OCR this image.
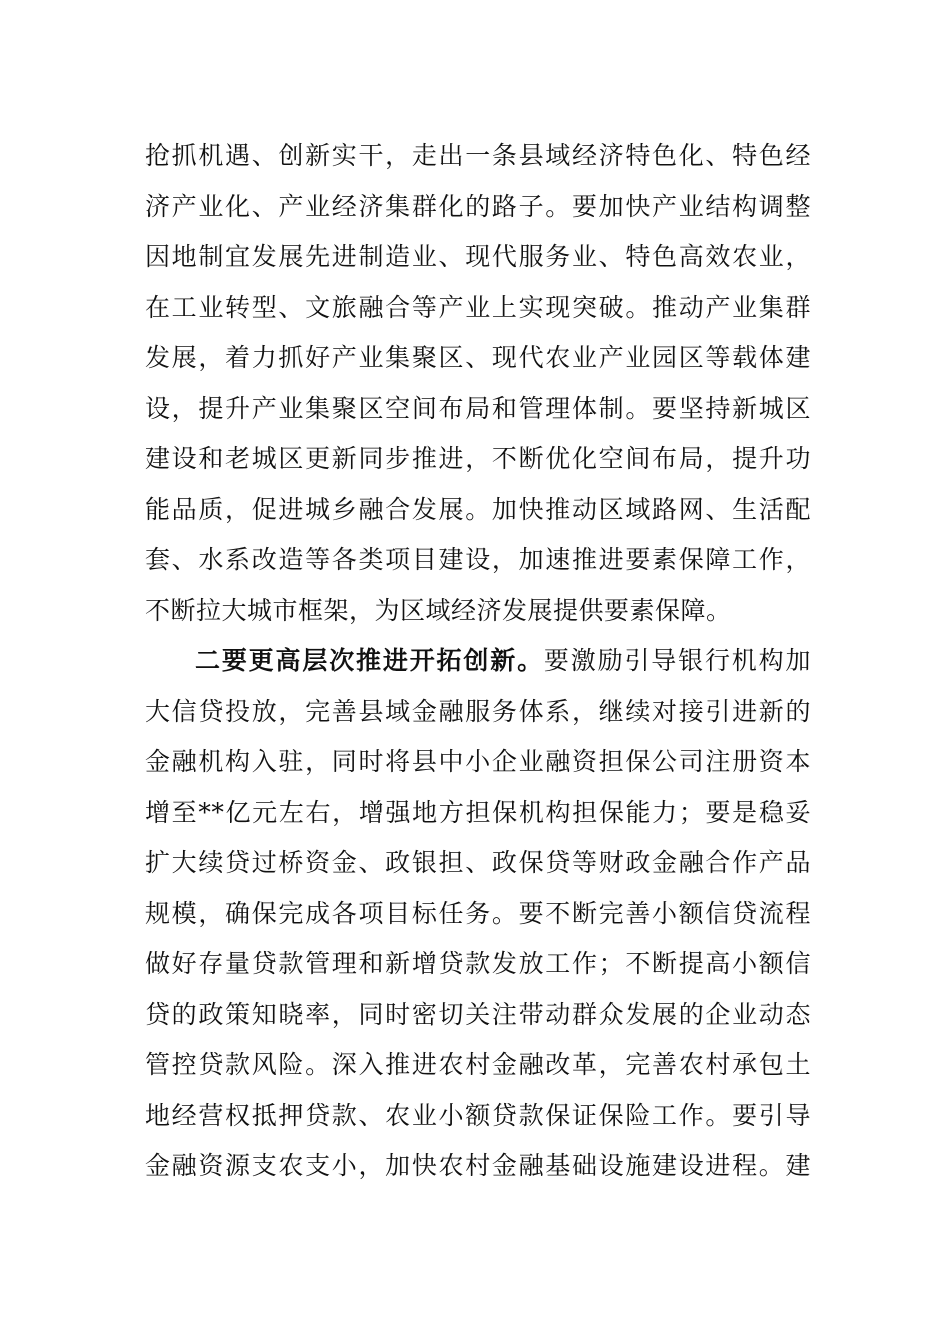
抢抓机遇、创新实干，走出一条县域经济特色化、特色经
济产业化、产业经济集群化的路子。要加快产业结构调整
因地制宜发展先进制造业、现代服务业、特色高效农业，
在工业转型、文旅融合等产业上实现突破。推动产业集群
发展，着力抓好产业集聚区、现代农业产业园区等载体建
设，提升产业集聚区空间布局和管理体制。要坚持新城区
建设和老城区更新同步推进，不断优化空间布局，提升功
能品质，促进城乡融合发展。加快推动区域路网、生活配
套、水系改造等各类项目建设，加速推进要素保障工作，
不断拉大城市框架，为区域经济发展提供要素保障。
二要更高层次推进开拓创新。要激励引导银行机构加
大信贷投放，完善县域金融服务体系，继续对接引进新的
金融机构入驻，同时将县中小企业融资担保公司注册资本
增至**亿元左右，增强地方担保机构担保能力；要是稳妥
扩大续贷过桥资金、政银担、政保贷等财政金融合作产品
规模，确保完成各项目标任务。要不断完善小额信贷流程
做好存量贷款管理和新增贷款发放工作；不断提高小额信
贷的政策知晓率，同时密切关注带动群众发展的企业动态
管控贷款风险。深入推进农村金融改革，完善农村承包土
地经营权抵押贷款、农业小额贷款保证保险工作。要引导
金融资源支农支小，加快农村金融基础设施建设进程。建
